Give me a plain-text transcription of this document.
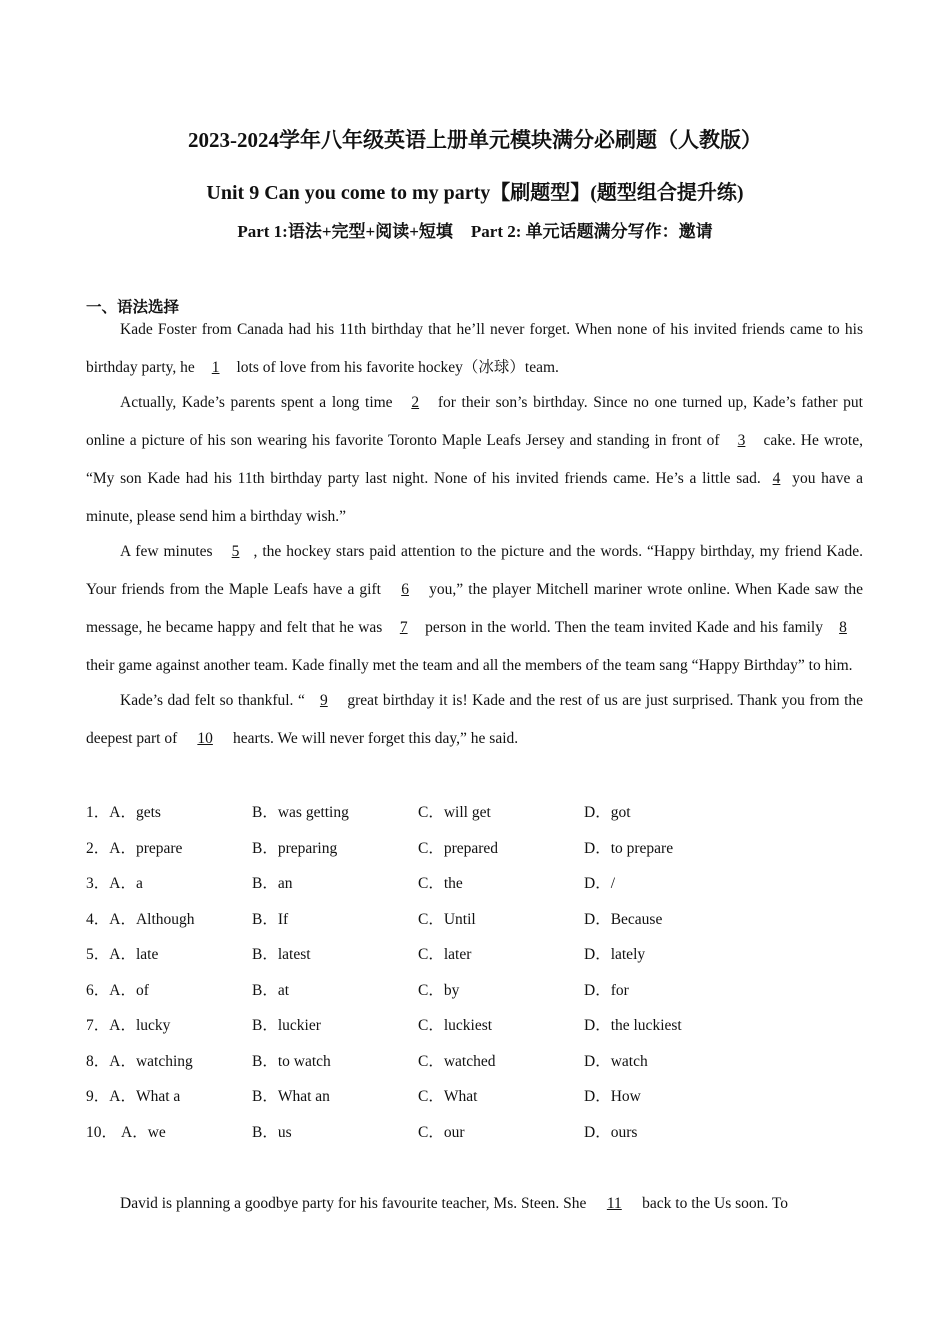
2023-2024学年八年级英语上册单元模块满分必刷题（人教版）
Unit 9 Can you come to my party【刷题型】(题型组合提升练)
Part 1:语法+完型+阅读+短填 Part 2: 单元话题满分写作：邀请
一、语法选择

Kade Foster from Canada had his 11th birthday that he’ll never forget. When none of his invited friends came to his birthday party, he 1 lots of love from his favorite hockey（冰球）team.

Actually, Kade’s parents spent a long time 2 for their son’s birthday. Since no one turned up, Kade’s father put online a picture of his son wearing his favorite Toronto Maple Leafs Jersey and standing in front of 3 cake. He wrote, “My son Kade had his 11th birthday party last night. None of his invited friends came. He’s a little sad. 4 you have a minute, please send him a birthday wish.”

A few minutes 5 , the hockey stars paid attention to the picture and the words. “Happy birthday, my friend Kade. Your friends from the Maple Leafs have a gift 6 you,” the player Mitchell mariner wrote online. When Kade saw the message, he became happy and felt that he was 7 person in the world. Then the team invited Kade and his family 8 their game against another team. Kade finally met the team and all the members of the team sang “Happy Birthday” to him.

Kade’s dad felt so thankful. “ 9 great birthday it is! Kade and the rest of us are just surprised. Thank you from the deepest part of 10 hearts. We will never forget this day,” he said.

1．A．gets	B．was getting	C．will get	D．got
2．A．prepare	B．preparing	C．prepared	D．to prepare
3．A．a	B．an	C．the	D．/
4．A．Although	B．If	C．Until	D．Because
5．A．late	B．latest	C．later	D．lately
6．A．of	B．at	C．by	D．for
7．A．lucky	B．luckier	C．luckiest	D．the luckiest
8．A．watching	B．to watch	C．watched	D．watch
9．A．What a	B．What an	C．What	D．How
10． A．we	B．us	C．our	D．ours
David is planning a goodbye party for his favourite teacher, Ms. Steen. She 11 back to the Us soon. To
